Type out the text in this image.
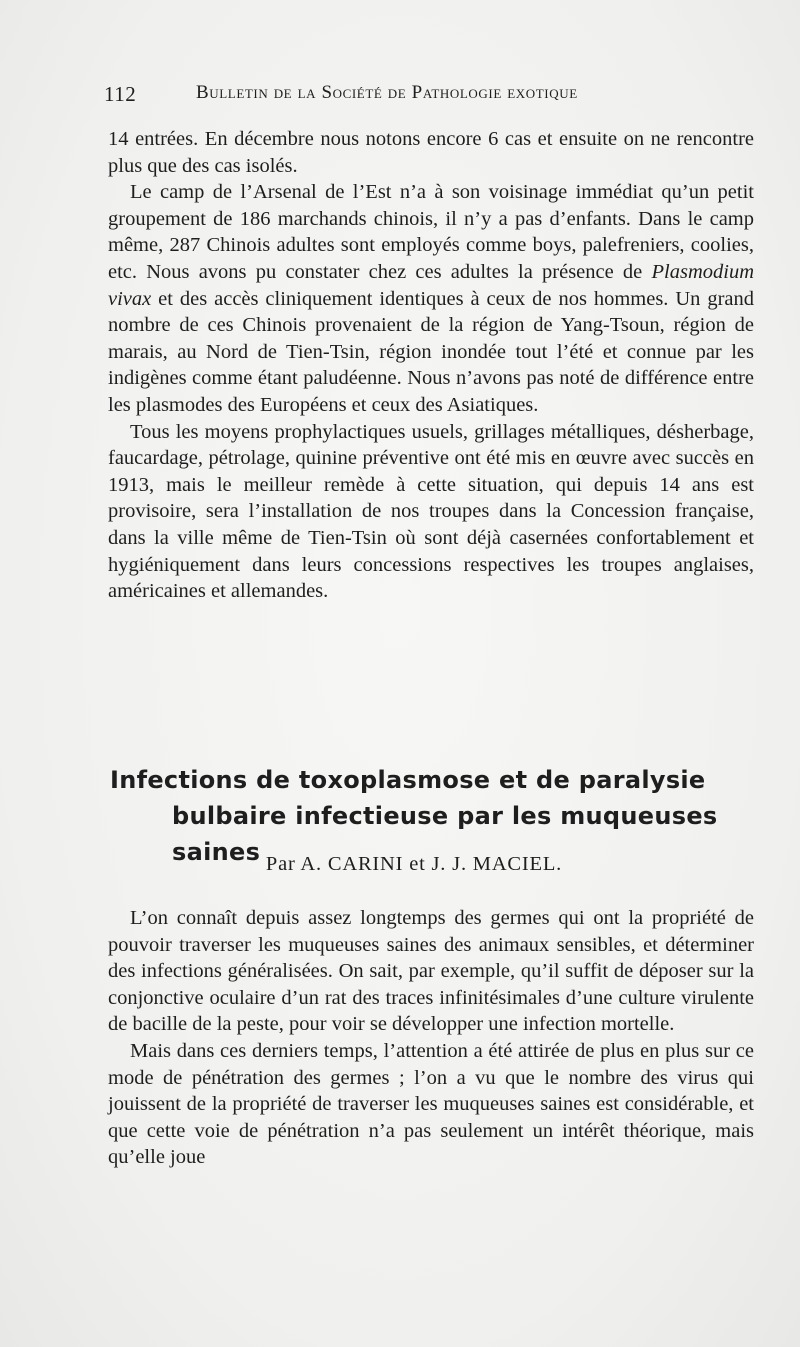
112	Bulletin de la Société de Pathologie exotique

14 entrées. En décembre nous notons encore 6 cas et ensuite on ne rencontre plus que des cas isolés.

Le camp de l’Arsenal de l’Est n’a à son voisinage immédiat qu’un petit groupement de 186 marchands chinois, il n’y a pas d’enfants. Dans le camp même, 287 Chinois adultes sont employés comme boys, palefreniers, coolies, etc. Nous avons pu constater chez ces adultes la présence de Plasmodium vivax et des accès cliniquement identiques à ceux de nos hommes. Un grand nombre de ces Chinois provenaient de la région de Yang-Tsoun, région de marais, au Nord de Tien-Tsin, région inondée tout l’été et connue par les indigènes comme étant paludéenne. Nous n’avons pas noté de différence entre les plasmodes des Européens et ceux des Asiatiques.

Tous les moyens prophylactiques usuels, grillages métalliques, désherbage, faucardage, pétrolage, quinine préventive ont été mis en œuvre avec succès en 1913, mais le meilleur remède à cette situation, qui depuis 14 ans est provisoire, sera l’installation de nos troupes dans la Concession française, dans la ville même de Tien-Tsin où sont déjà casernées confortablement et hygiéniquement dans leurs concessions respectives les troupes anglaises, américaines et allemandes.

Infections de toxoplasmose et de paralysie
bulbaire infectieuse par les muqueuses saines Par A. CARINI et J. J. MACIEL.

L’on connaît depuis assez longtemps des germes qui ont la propriété de pouvoir traverser les muqueuses saines des animaux sensibles, et déterminer des infections généralisées. On sait, par exemple, qu’il suffit de déposer sur la conjonctive oculaire d’un rat des traces infinitésimales d’une culture virulente de bacille de la peste, pour voir se développer une infection mortelle.

Mais dans ces derniers temps, l’attention a été attirée de plus en plus sur ce mode de pénétration des germes ; l’on a vu que le nombre des virus qui jouissent de la propriété de traverser les muqueuses saines est considérable, et que cette voie de pénétration n’a pas seulement un intérêt théorique, mais qu’elle joue
